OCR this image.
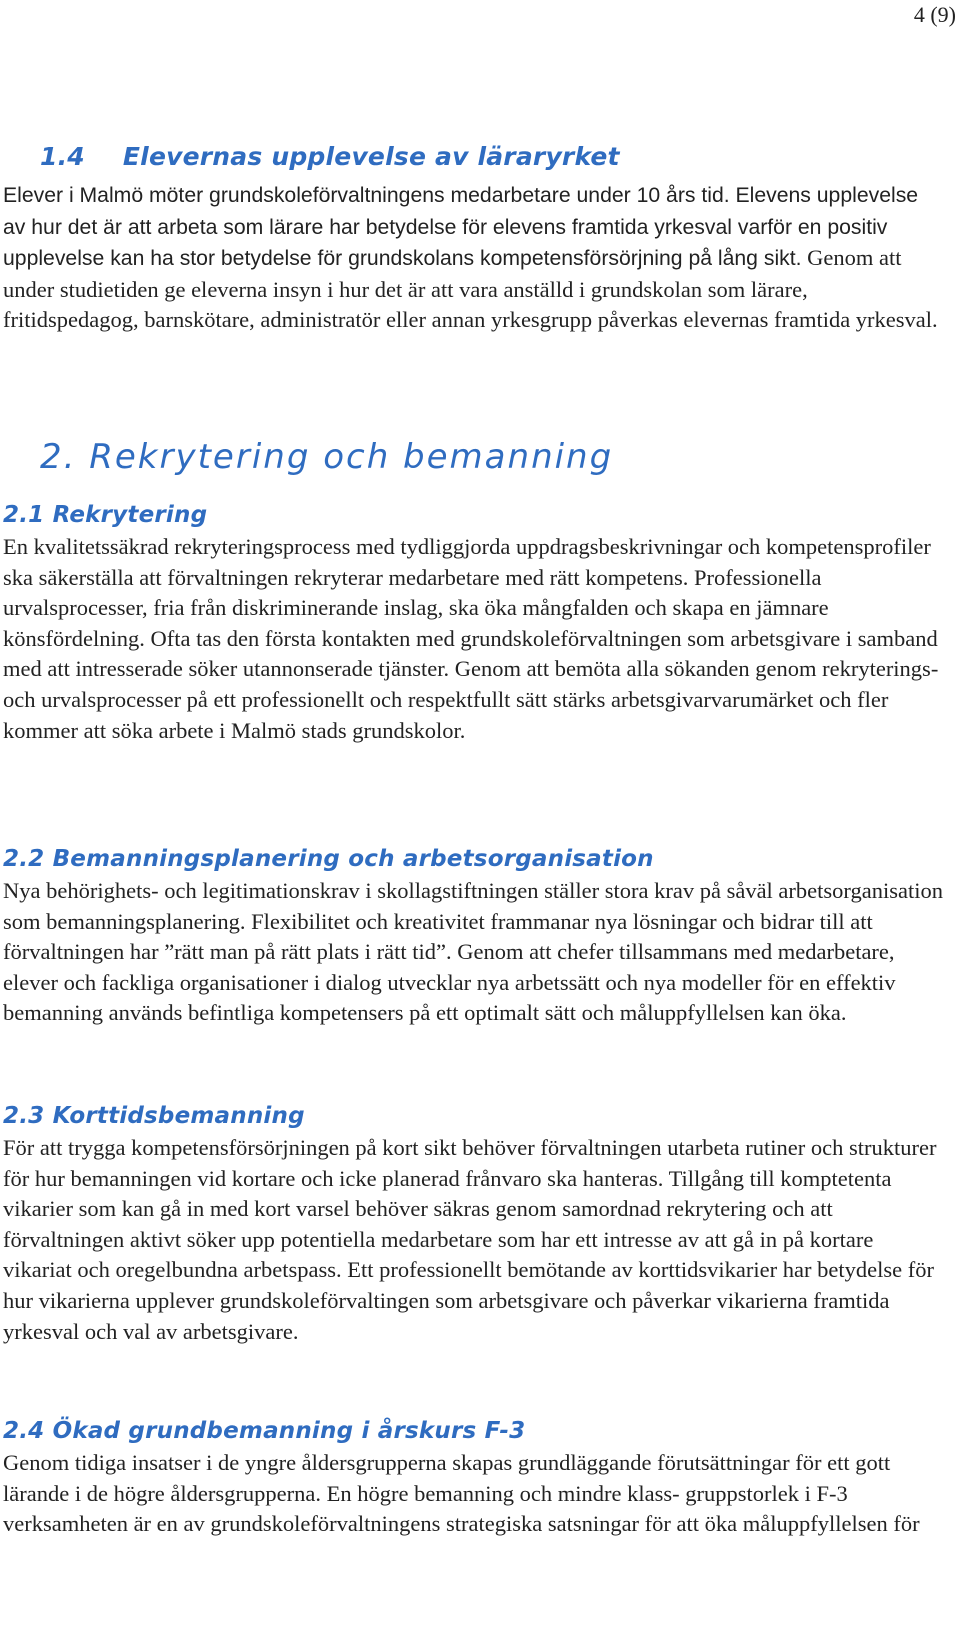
4 (9)
1.4 Elevernas upplevelse av läraryrket

Elever i Malmö möter grundskoleförvaltningens medarbetare under 10 års tid. Elevens upplevelse av hur det är att arbeta som lärare har betydelse för elevens framtida yrkesval varför en positiv upplevelse kan ha stor betydelse för grundskolans kompetensförsörjning på lång sikt. Genom att under studietiden ge eleverna insyn i hur det är att vara anställd i grundskolan som lärare, fritidspedagog, barnskötare, administratör eller annan yrkesgrupp påverkas elevernas framtida yrkesval.

2. Rekrytering och bemanning
2.1 Rekrytering

En kvalitetssäkrad rekryteringsprocess med tydliggjorda uppdragsbeskrivningar och kompetensprofiler ska säkerställa att förvaltningen rekryterar medarbetare med rätt kompetens. Professionella urvalsprocesser, fria från diskriminerande inslag, ska öka mångfalden och skapa en jämnare könsfördelning. Ofta tas den första kontakten med grundskoleförvaltningen som arbetsgivare i samband med att intresserade söker utannonserade tjänster. Genom att bemöta alla sökanden genom rekryterings- och urvalsprocesser på ett professionellt och respektfullt sätt stärks arbetsgivarvarumärket och fler kommer att söka arbete i Malmö stads grundskolor.

2.2 Bemanningsplanering och arbetsorganisation

Nya behörighets- och legitimationskrav i skollagstiftningen ställer stora krav på såväl arbetsorganisation som bemanningsplanering. Flexibilitet och kreativitet frammanar nya lösningar och bidrar till att förvaltningen har ”rätt man på rätt plats i rätt tid”. Genom att chefer tillsammans med medarbetare, elever och fackliga organisationer i dialog utvecklar nya arbetssätt och nya modeller för en effektiv bemanning används befintliga kompetensers på ett optimalt sätt och måluppfyllelsen kan öka.

2.3 Korttidsbemanning

För att trygga kompetensförsörjningen på kort sikt behöver förvaltningen utarbeta rutiner och strukturer för hur bemanningen vid kortare och icke planerad frånvaro ska hanteras. Tillgång till komptetenta vikarier som kan gå in med kort varsel behöver säkras genom samordnad rekrytering och att förvaltningen aktivt söker upp potentiella medarbetare som har ett intresse av att gå in på kortare vikariat och oregelbundna arbetspass. Ett professionellt bemötande av korttidsvikarier har betydelse för hur vikarierna upplever grundskoleförvaltingen som arbetsgivare och påverkar vikarierna framtida yrkesval och val av arbetsgivare.

2.4 Ökad grundbemanning i årskurs F-3

Genom tidiga insatser i de yngre åldersgrupperna skapas grundläggande förutsättningar för ett gott lärande i de högre åldersgrupperna. En högre bemanning och mindre klass- gruppstorlek i F-3 verksamheten är en av grundskoleförvaltningens strategiska satsningar för att öka måluppfyllelsen för
